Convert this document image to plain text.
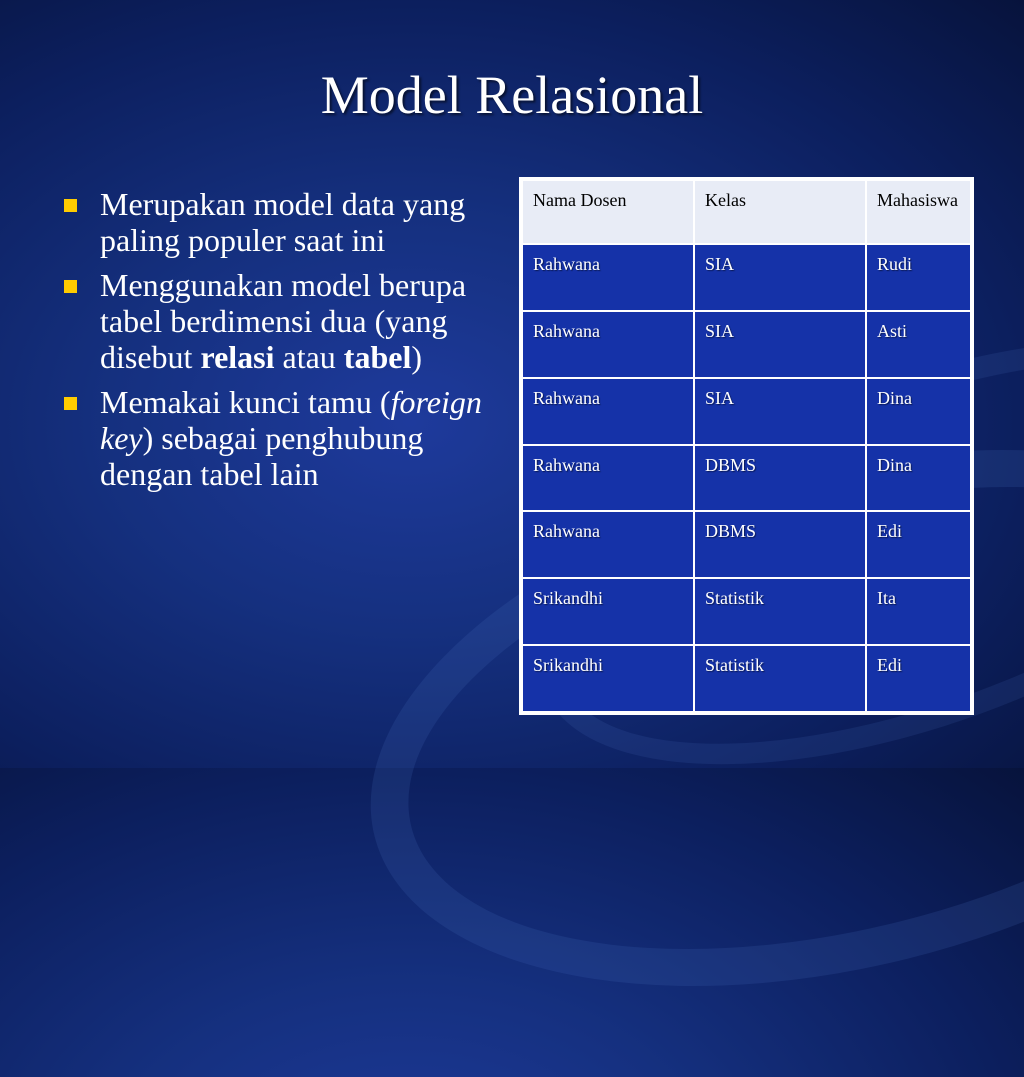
Model Relasional
Merupakan model data yang paling populer saat ini
Menggunakan model berupa tabel berdimensi dua (yang disebut relasi atau tabel)
Memakai kunci tamu (foreign key) sebagai penghubung dengan tabel lain
Nama Dosen	Kelas	Mahasiswa
Rahwana	SIA	Rudi
Rahwana	SIA	Asti
Rahwana	SIA	Dina
Rahwana	DBMS	Dina
Rahwana	DBMS	Edi
Srikandhi	Statistik	Ita
Srikandhi	Statistik	Edi
